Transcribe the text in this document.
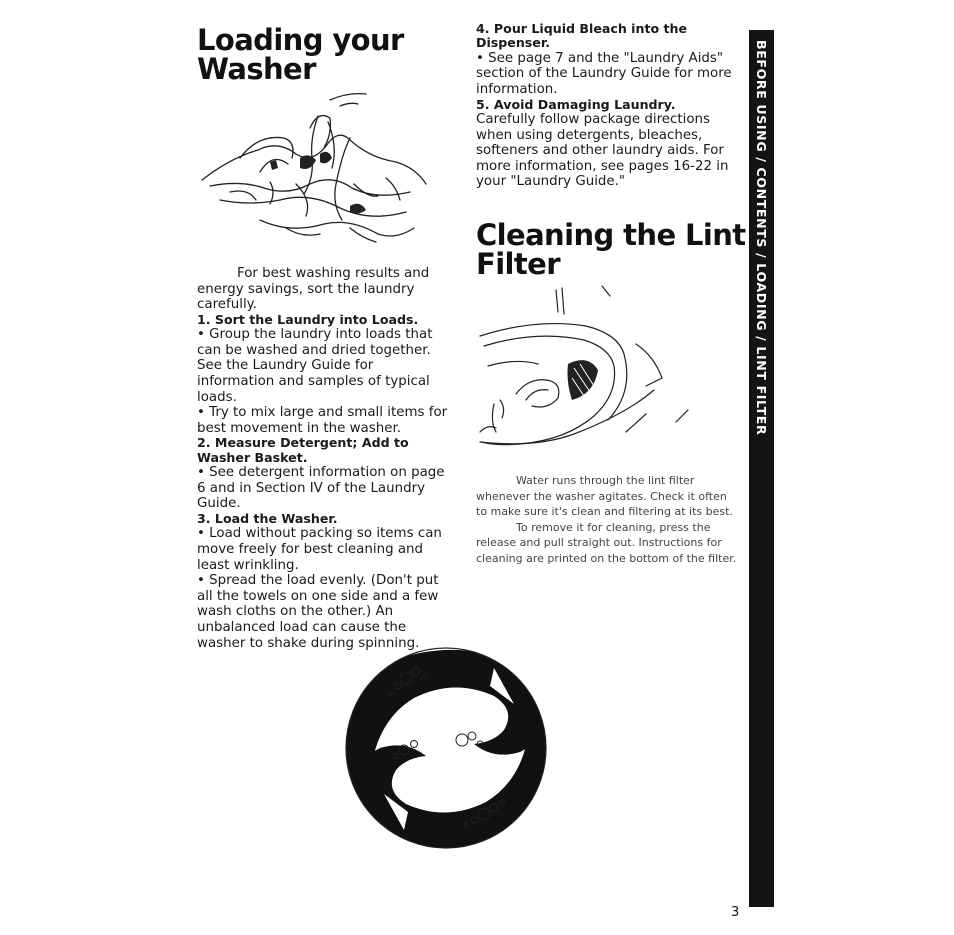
Loading your
Washer

For best washing results and energy savings, sort the laundry carefully.

1. Sort the Laundry into Loads.

• Group the laundry into loads that can be washed and dried together. See the Laundry Guide for information and samples of typical loads.

• Try to mix large and small items for best movement in the washer.

2. Measure Detergent; Add to Washer Basket.

• See detergent information on page 6 and in Section IV of the Laundry Guide.

3. Load the Washer.

• Load without packing so items can move freely for best cleaning and least wrinkling.

• Spread the load evenly. (Don't put all the towels on one side and a few wash cloths on the other.) An unbalanced load can cause the washer to shake during spinning.

4. Pour Liquid Bleach into the Dispenser.

• See page 7 and the "Laundry Aids" section of the Laundry Guide for more information.

5. Avoid Damaging Laundry.

Carefully follow package directions when using detergents, bleaches, softeners and other laundry aids. For more information, see pages 16-22 in your "Laundry Guide."

Cleaning the Lint
Filter

Water runs through the lint filter whenever the washer agitates. Check it often to make sure it's clean and filtering at its best.

To remove it for cleaning, press the release and pull straight out. Instructions for cleaning are printed on the bottom of the filter.

BEFORE USING / CONTENTS / LOADING / LINT FILTER
3
